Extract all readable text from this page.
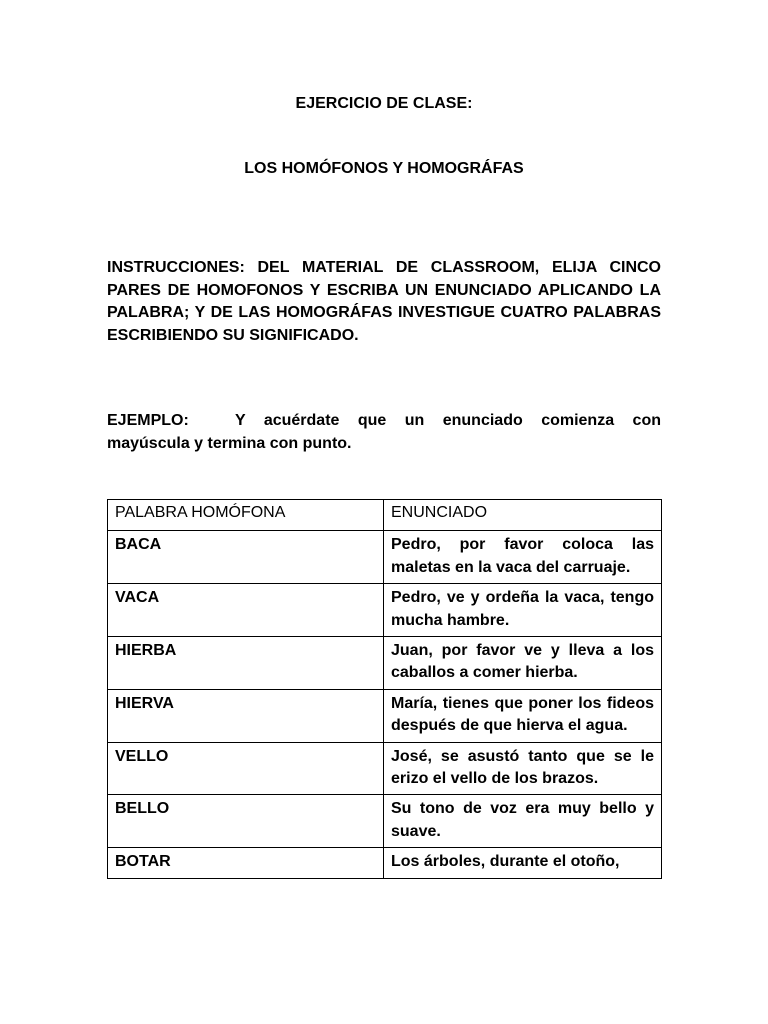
EJERCICIO DE CLASE:
LOS HOMÓFONOS Y HOMOGRÁFAS
INSTRUCCIONES: DEL MATERIAL DE CLASSROOM, ELIJA CINCO PARES DE HOMOFONOS Y ESCRIBA UN ENUNCIADO APLICANDO LA PALABRA; Y DE LAS HOMOGRÁFAS INVESTIGUE CUATRO PALABRAS ESCRIBIENDO SU SIGNIFICADO.
EJEMPLO:	Y acuérdate que un enunciado comienza con mayúscula y termina con punto.
PALABRA HOMÓFONA	ENUNCIADO
BACA	Pedro, por favor coloca las maletas en la vaca del carruaje.
VACA	Pedro, ve y ordeña la vaca, tengo mucha hambre.
HIERBA	Juan, por favor ve y lleva a los caballos a comer hierba.
HIERVA	María, tienes que poner los fideos después de que hierva el agua.
VELLO	José, se asustó tanto que se le erizo el vello de los brazos.
BELLO	Su tono de voz era muy bello y suave.
BOTAR	Los árboles, durante el otoño,
